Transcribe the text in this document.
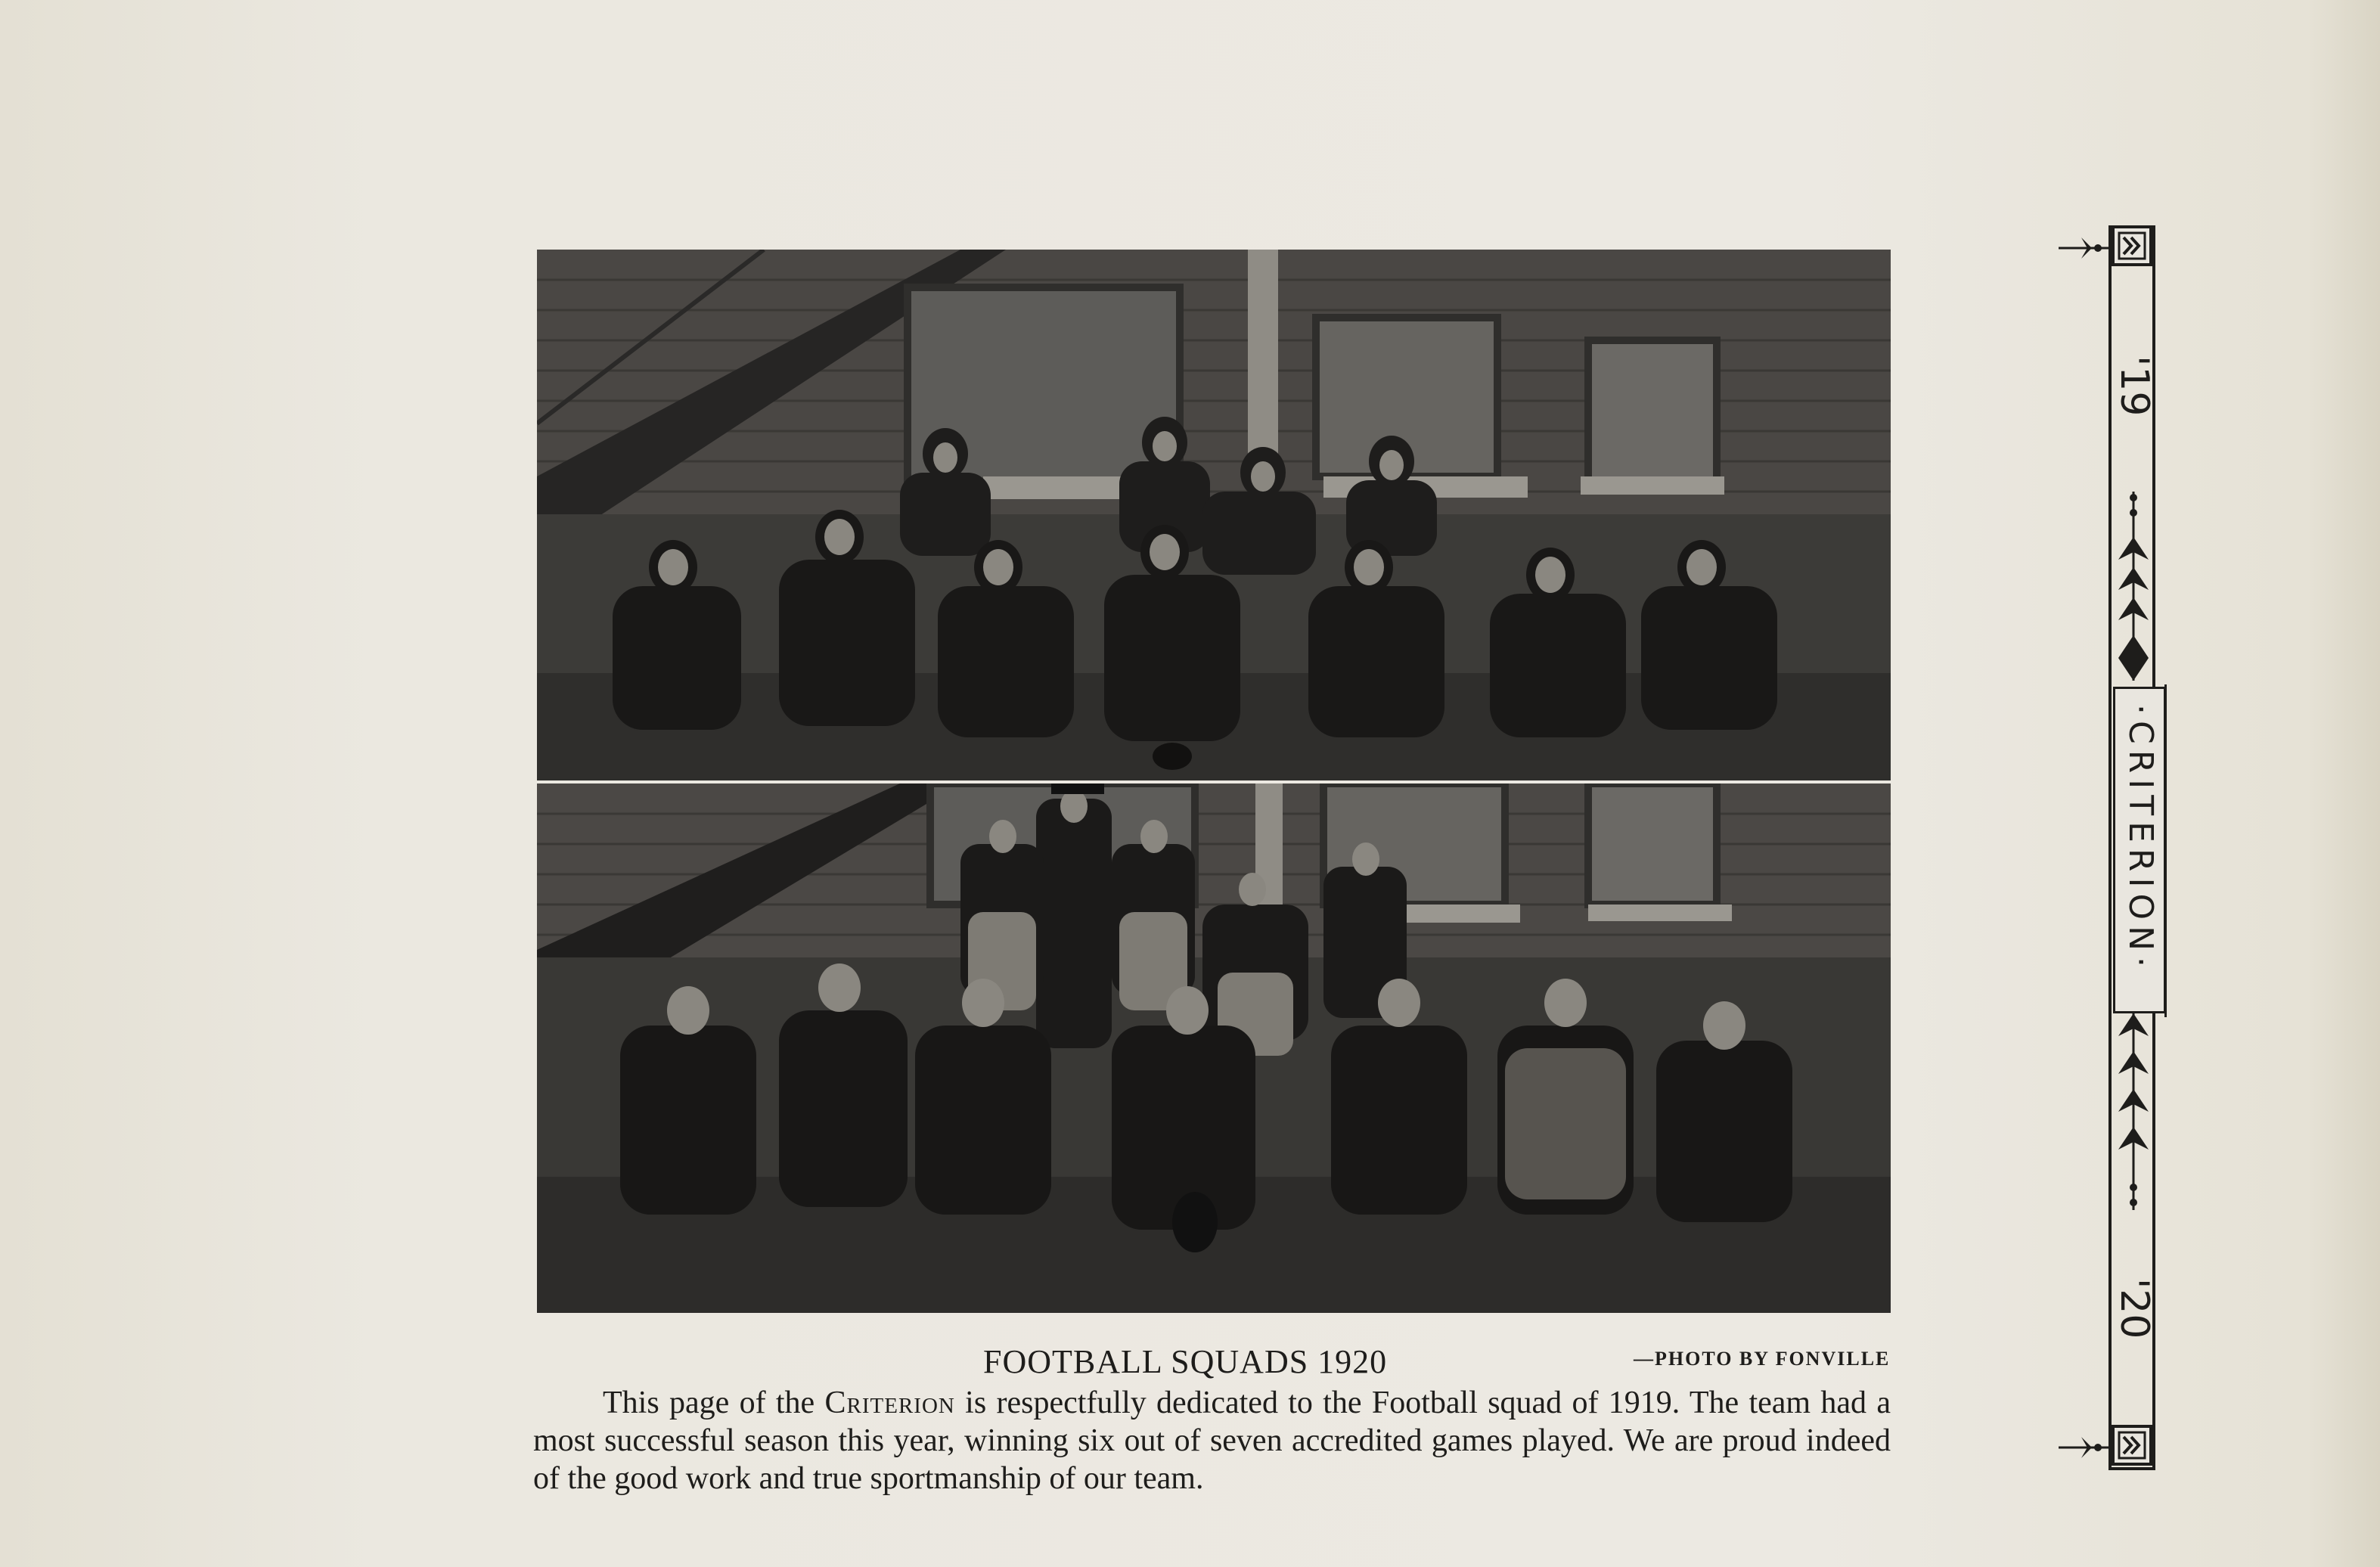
FOOTBALL SQUADS 1920	—PHOTO BY FONVILLE

This page of the Criterion is respectfully dedicated to the Football squad of 1919. The team had a most successful season this year, winning six out of seven accredited games played. We are proud indeed of the good work and true sportmanship of our team.

'19
·CRITERION·
'20
